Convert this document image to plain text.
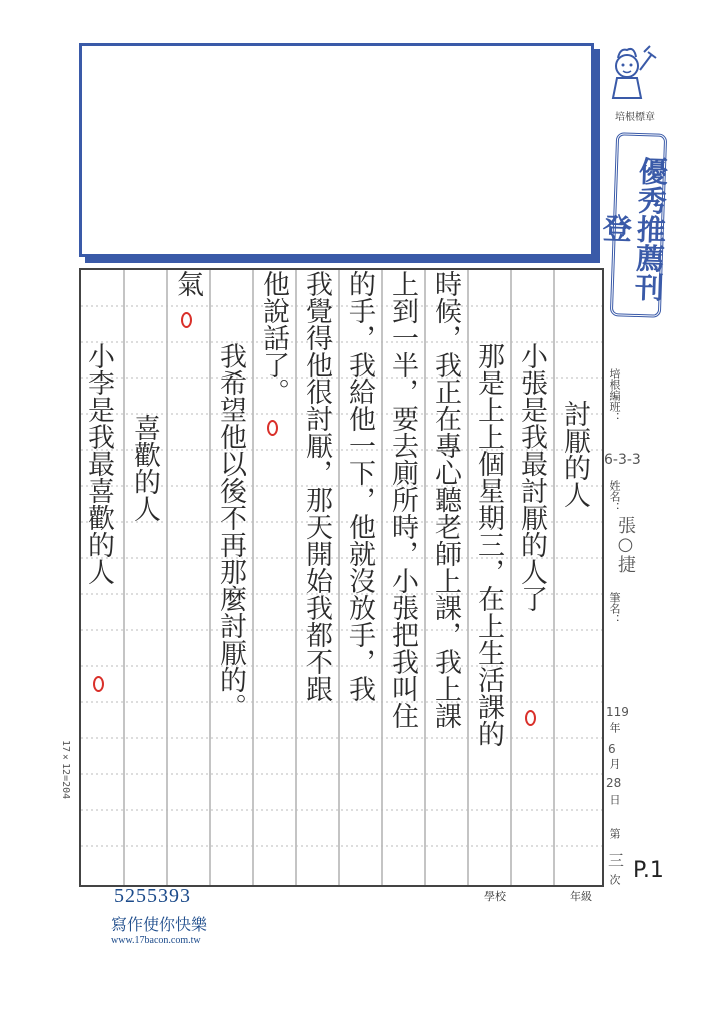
培根標章
優秀推薦刊登
討厭的人
小張是我最討厭的人了
那是上上個星期三，在上生活課的
時候，我正在專心聽老師上課，我上課
上到一半，要去廁所時，小張把我叫住
的手，我給他一下，他就沒放手，我
我覺得他很討厭，那天開始我都不跟
他說話了。
我希望他以後不再那麼討厭的。
氣
喜歡的人
小李是我最喜歡的人
17×12=204
培根編班：
6-3-3
姓名：
張○捷
筆名：
119
年
6
月
28
日
第
三
次 P.1
學校	年級
5255393
寫作使你快樂
www.17bacon.com.tw
